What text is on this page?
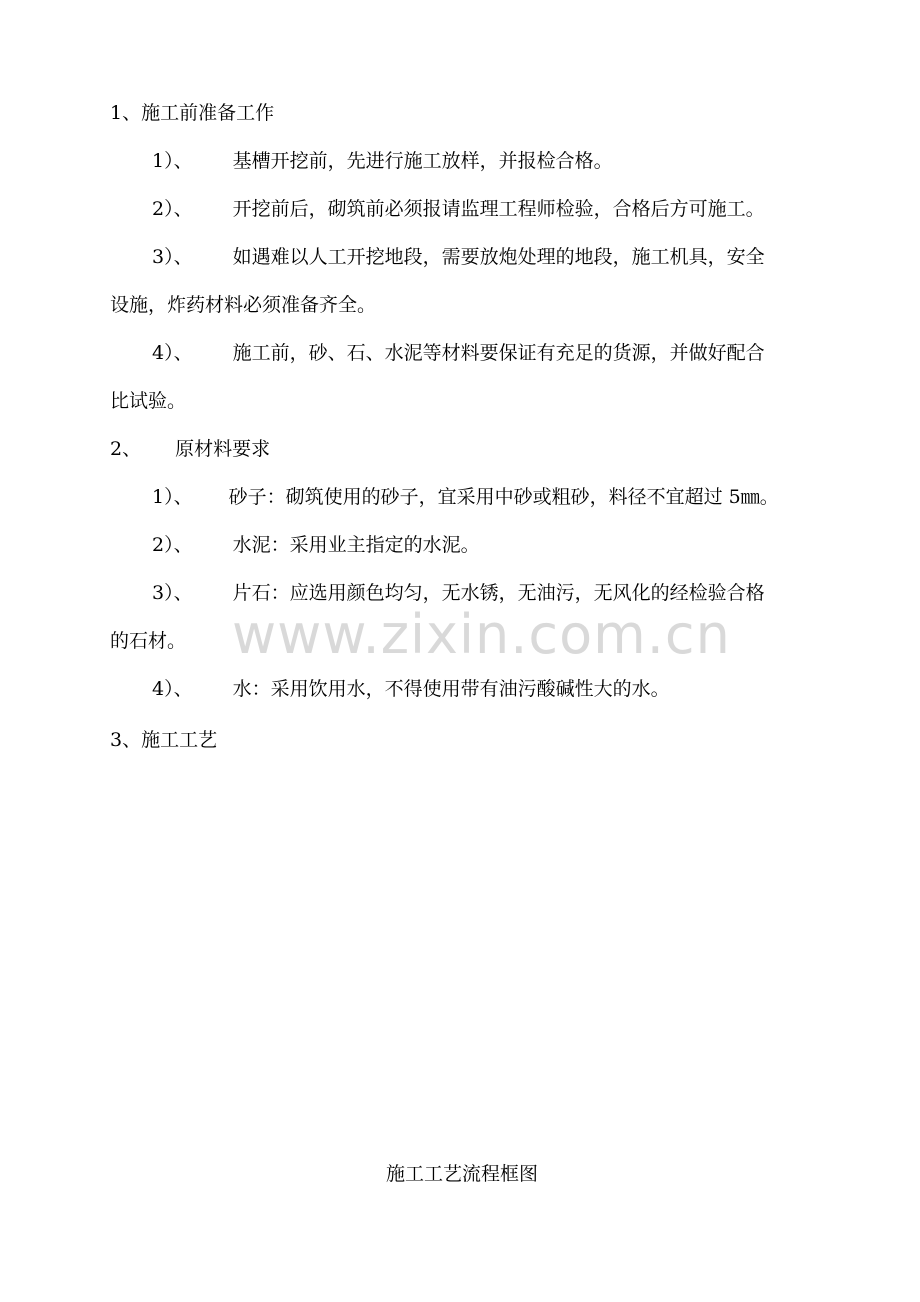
1、施工前准备工作
1）、 基槽开挖前，先进行施工放样，并报检合格。
2）、 开挖前后，砌筑前必须报请监理工程师检验，合格后方可施工。
3）、 如遇难以人工开挖地段，需要放炮处理的地段，施工机具，安全
设施，炸药材料必须准备齐全。
4）、 施工前，砂、石、水泥等材料要保证有充足的货源，并做好配合
比试验。
2、 原材料要求
1）、 砂子：砌筑使用的砂子，宜采用中砂或粗砂，料径不宜超过 5㎜。
2）、 水泥：采用业主指定的水泥。
3）、 片石：应选用颜色均匀，无水锈，无油污，无风化的经检验合格
的石材。
4）、 水：采用饮用水，不得使用带有油污酸碱性大的水。
3、施工工艺
www.zixin.com.cn
施工工艺流程框图
